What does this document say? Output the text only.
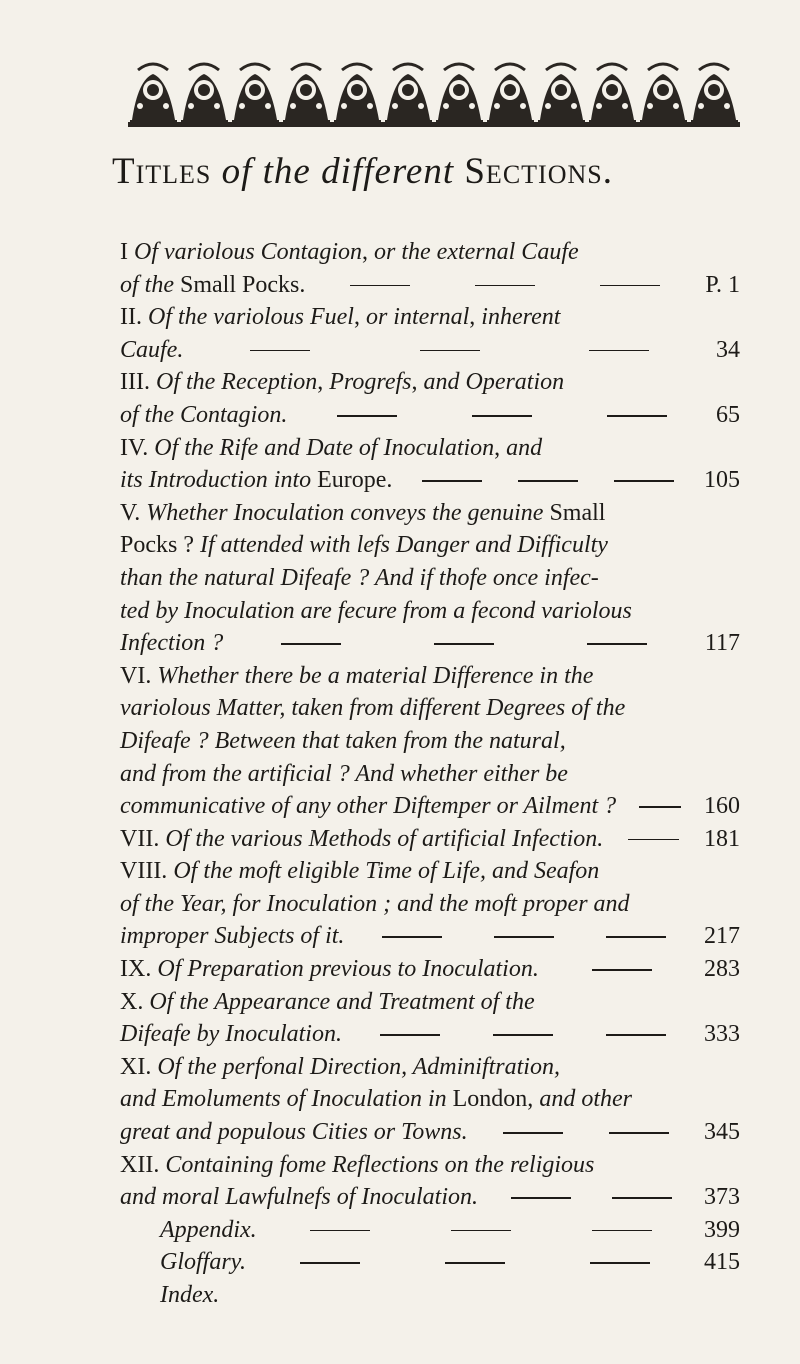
Titles of the different Sections.
I Of variolous Contagion, or the external Caufe
of the Small Pocks.	P. 1
II. Of the variolous Fuel, or internal, inherent
Caufe.	34
III. Of the Reception, Progrefs, and Operation
of the Contagion.	65
IV. Of the Rife and Date of Inoculation, and
its Introduction into Europe.	105
V. Whether Inoculation conveys the genuine Small
Pocks ? If attended with lefs Danger and Difficulty
than the natural Difeafe ? And if thofe once infec-
ted by Inoculation are fecure from a fecond variolous
Infection ?	117
VI. Whether there be a material Difference in the
variolous Matter, taken from different Degrees of the
Difeafe ? Between that taken from the natural,
and from the artificial ? And whether either be
communicative of any other Diftemper or Ailment ?	160
VII. Of the various Methods of artificial Infection.	181
VIII. Of the moft eligible Time of Life, and Seafon
of the Year, for Inoculation ; and the moft proper and
improper Subjects of it.	217
IX. Of Preparation previous to Inoculation.	283
X. Of the Appearance and Treatment of the
Difeafe by Inoculation.	333
XI. Of the perfonal Direction, Adminiftration,
and Emoluments of Inoculation in London, and other
great and populous Cities or Towns.	345
XII. Containing fome Reflections on the religious
and moral Lawfulnefs of Inoculation.	373
Appendix.	399
Gloffary.	415
Index.
